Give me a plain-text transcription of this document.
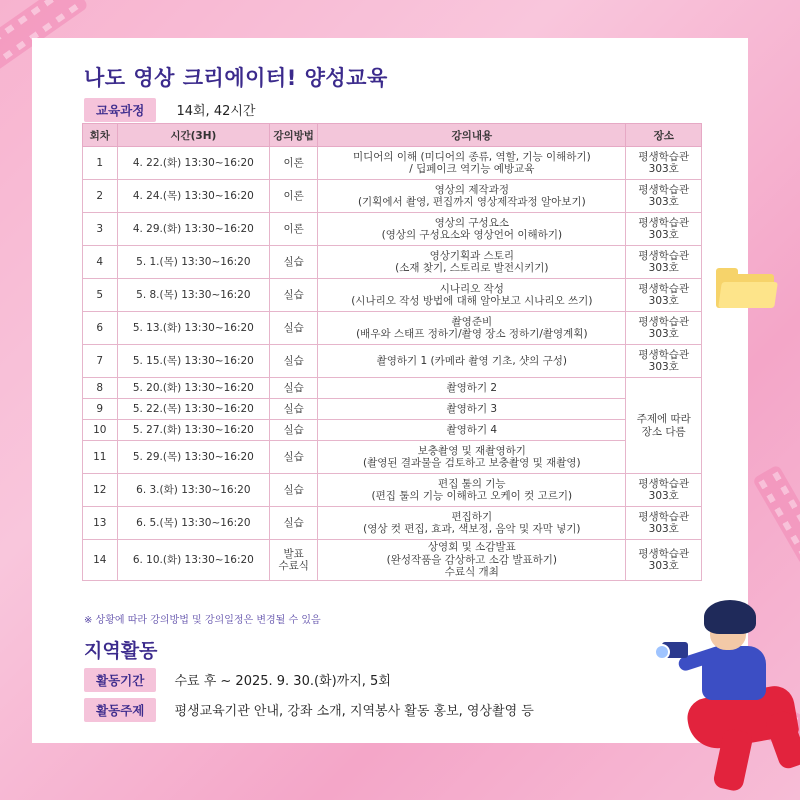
나도 영상 크리에이터! 양성교육
교육과정 14회, 42시간
회차	시간(3H)	강의방법	강의내용	장소
1	4. 22.(화) 13:30~16:20	이론	미디어의 이해 (미디어의 종류, 역할, 기능 이해하기)
/ 딥페이크 역기능 예방교육	평생학습관
303호
2	4. 24.(목) 13:30~16:20	이론	영상의 제작과정
(기획에서 촬영, 편집까지 영상제작과정 알아보기)	평생학습관
303호
3	4. 29.(화) 13:30~16:20	이론	영상의 구성요소
(영상의 구성요소와 영상언어 이해하기)	평생학습관
303호
4	5. 1.(목) 13:30~16:20	실습	영상기획과 스토리
(소재 찾기, 스토리로 발전시키기)	평생학습관
303호
5	5. 8.(목) 13:30~16:20	실습	시나리오 작성
(시나리오 작성 방법에 대해 알아보고 시나리오 쓰기)	평생학습관
303호
6	5. 13.(화) 13:30~16:20	실습	촬영준비
(배우와 스태프 정하기/촬영 장소 정하기/촬영계획)	평생학습관
303호
7	5. 15.(목) 13:30~16:20	실습	촬영하기 1 (카메라 촬영 기초, 샷의 구성)	평생학습관
303호
8	5. 20.(화) 13:30~16:20	실습	촬영하기 2	주제에 따라
장소 다름
9	5. 22.(목) 13:30~16:20	실습	촬영하기 3	
10	5. 27.(화) 13:30~16:20	실습	촬영하기 4	
11	5. 29.(목) 13:30~16:20	실습	보충촬영 및 재촬영하기
(촬영된 결과물을 검토하고 보충촬영 및 재촬영)	
12	6. 3.(화) 13:30~16:20	실습	편집 툴의 기능
(편집 툴의 기능 이해하고 오케이 컷 고르기)	평생학습관
303호
13	6. 5.(목) 13:30~16:20	실습	편집하기
(영상 컷 편집, 효과, 색보정, 음악 및 자막 넣기)	평생학습관
303호
14	6. 10.(화) 13:30~16:20	발표
수료식	상영회 및 소감발표
(완성작품을 감상하고 소감 발표하기)
수료식 개최	평생학습관
303호
※ 상황에 따라 강의방법 및 강의일정은 변경될 수 있음
지역활동
활동기간 수료 후 ~ 2025. 9. 30.(화)까지, 5회
활동주제 평생교육기관 안내, 강좌 소개, 지역봉사 활동 홍보, 영상촬영 등
